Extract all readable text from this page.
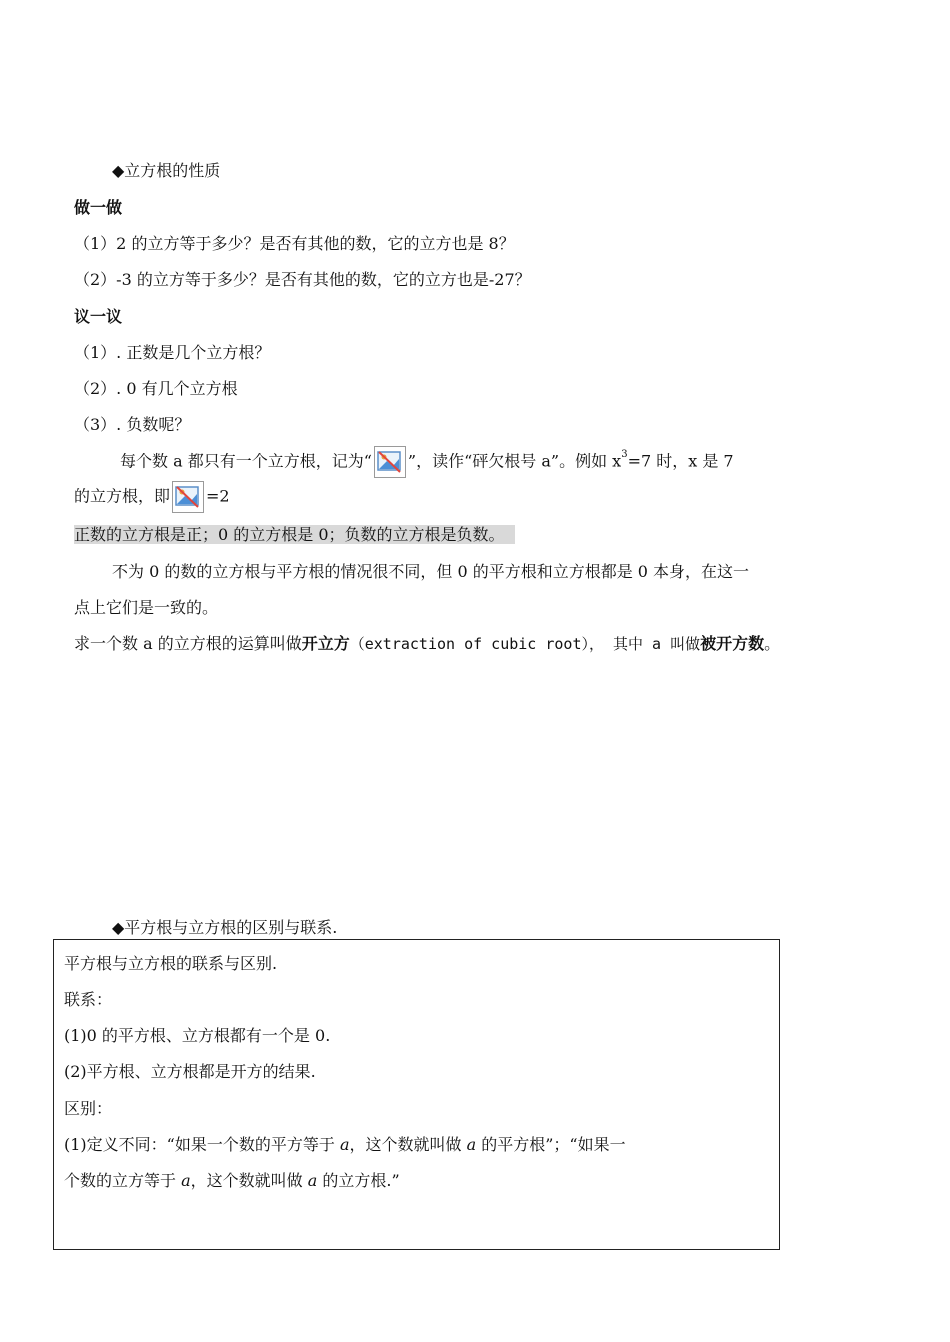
◆立方根的性质
做一做
（1）2 的立方等于多少？是否有其他的数，它的立方也是 8？
（2）-3 的立方等于多少？是否有其他的数，它的立方也是-27？
议一议
（1）. 正数是几个立方根？
（2）. 0 有几个立方根
（3）. 负数呢？
每个数 a 都只有一个立方根，记为“ ”，读作“砰欠根号 a”。例如 $x^3=7$ 时，x 是 7
的立方根，即 =2
正数的立方根是正；0 的立方根是 0；负数的立方根是负数。
不为 0 的数的立方根与平方根的情况很不同，但 0 的平方根和立方根都是 0 本身，在这一
点上它们是一致的。
求一个数 a 的立方根的运算叫做开立方（extraction of cubic root）， 其中 a 叫做被开方数。
◆平方根与立方根的区别与联系.
平方根与立方根的联系与区别.
联系：
(1)0 的平方根、立方根都有一个是 0.
(2)平方根、立方根都是开方的结果.
区别：
(1)定义不同：“如果一个数的平方等于 a，这个数就叫做 a 的平方根”；“如果一
个数的立方等于 a，这个数就叫做 a 的立方根.”
